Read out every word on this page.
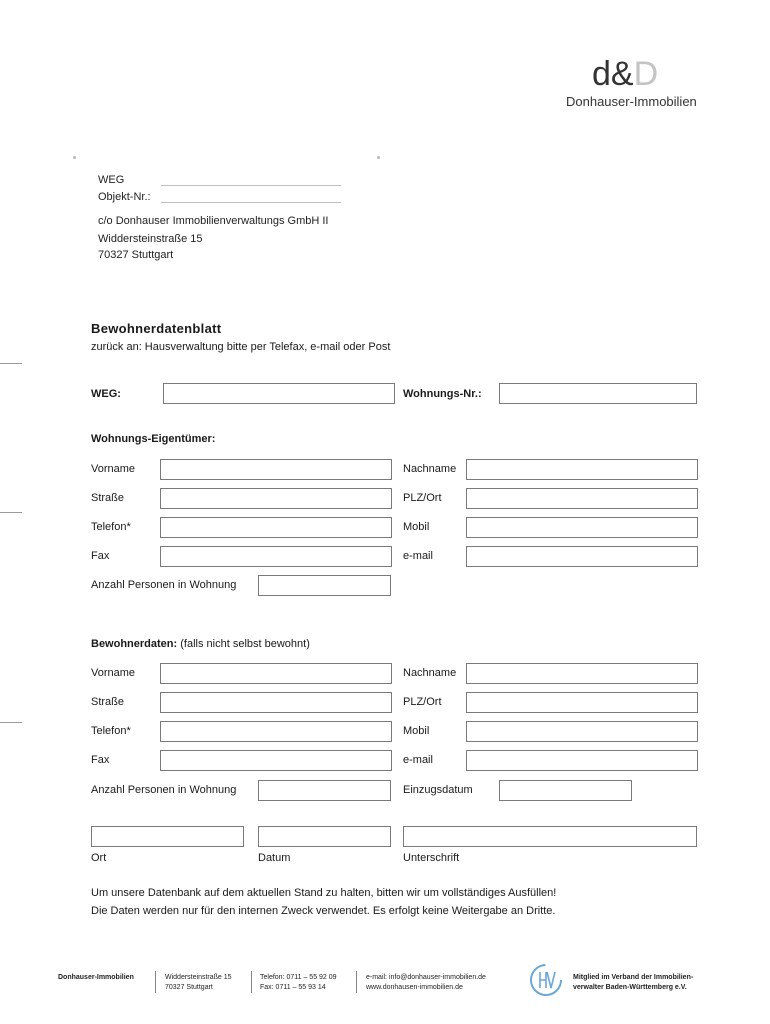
d&D
Donhauser-Immobilien
WEG
Objekt-Nr.:
c/o Donhauser Immobilienverwaltungs GmbH II
Widdersteinstraße 15
70327 Stuttgart
Bewohnerdatenblatt
zurück an: Hausverwaltung bitte per Telefax, e-mail oder Post
WEG:	Wohnungs-Nr.:
Wohnungs-Eigentümer:
Vorname	Nachname
Straße	PLZ/Ort
Telefon*	Mobil
Fax	e-mail
Anzahl Personen in Wohnung
Bewohnerdaten: (falls nicht selbst bewohnt)
Vorname	Nachname
Straße	PLZ/Ort
Telefon*	Mobil
Fax	e-mail
Anzahl Personen in Wohnung	Einzugsdatum
Ort	Datum	Unterschrift
Um unsere Datenbank auf dem aktuellen Stand zu halten, bitten wir um vollständiges Ausfüllen!
Die Daten werden nur für den internen Zweck verwendet. Es erfolgt keine Weitergabe an Dritte.
Donhauser-Immobilien	Widdersteinstraße 15
70327 Stuttgart
Telefon: 0711 – 55 92 09
Fax: 0711 – 55 93 14
e-mail: info@donhauser-immobilien.de
www.donhausen-immobilien.de
Mitglied im Verband der Immobilien-
verwalter Baden-Württemberg e.V.
